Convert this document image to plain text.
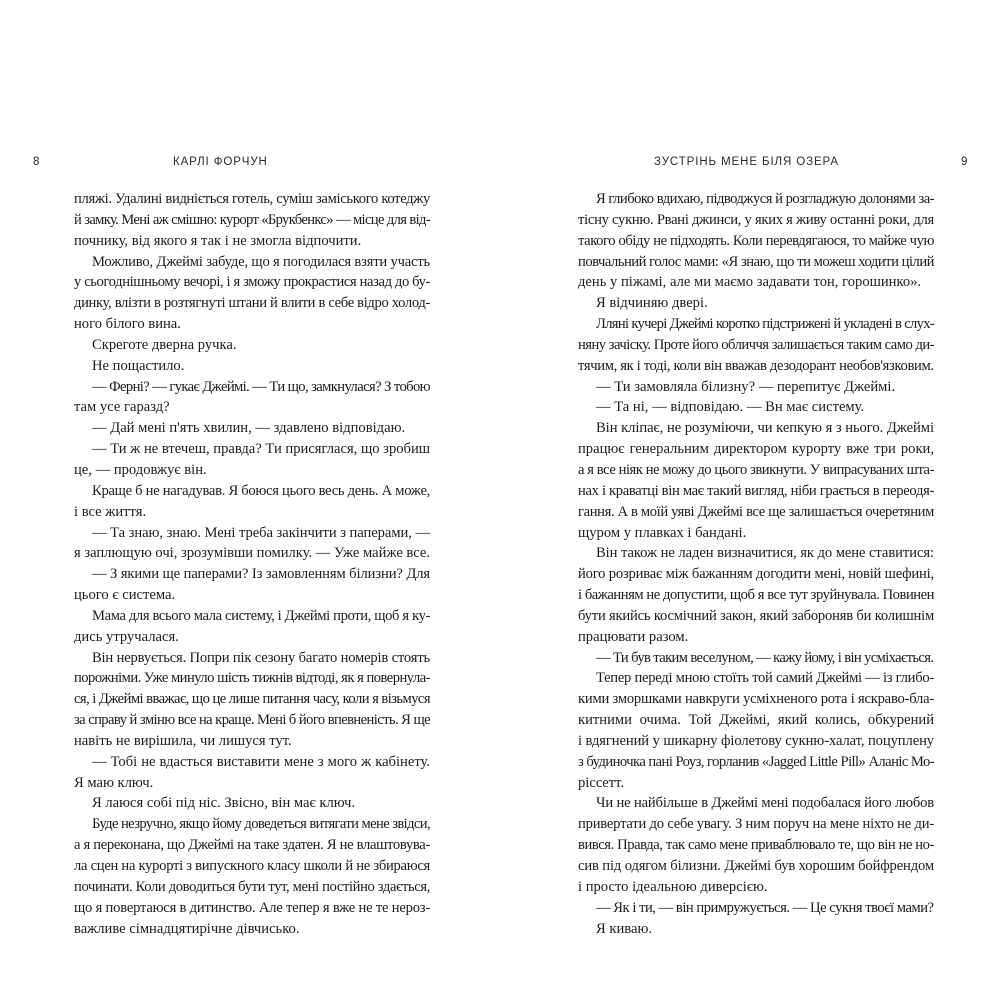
8	КАРЛІ ФОРЧУН

пляжі. Удалині видніється готель, суміш заміського котеджу
й замку. Мені аж смішно: курорт «Брукбенкс» — місце для від-
почнику, від якого я так і не змогла відпочити.

Можливо, Джеймі забуде, що я погодилася взяти участь
у сьогоднішньому вечорі, і я зможу прокрастися назад до бу-
динку, влізти в розтягнуті штани й влити в себе відро холод-
ного білого вина.

Скреготе дверна ручка.

Не пощастило.

— Ферні? — гукає Джеймі. — Ти що, замкнулася? З тобою
там усе гаразд?

— Дай мені п'ять хвилин, — здавлено відповідаю.

— Ти ж не втечеш, правда? Ти присяглася, що зробиш
це, — продовжує він.

Краще б не нагадував. Я боюся цього весь день. А може,
і все життя.

— Та знаю, знаю. Мені треба закінчити з паперами, —
я заплющую очі, зрозумівши помилку. — Уже майже все.

— З якими ще паперами? Із замовленням білизни? Для
цього є система.

Мама для всього мала систему, і Джеймі проти, щоб я ку-
дись утручалася.

Він нервується. Попри пік сезону багато номерів стоять
порожніми. Уже минуло шість тижнів відтоді, як я повернула-
ся, і Джеймі вважає, що це лише питання часу, коли я візьмуся
за справу й зміню все на краще. Мені б його впевненість. Я ще
навіть не вирішила, чи лишуся тут.

— Тобі не вдасться виставити мене з мого ж кабінету.
Я маю ключ.

Я лаюся собі під ніс. Звісно, він має ключ.

Буде незручно, якщо йому доведеться витягати мене звідси,
а я переконана, що Джеймі на таке здатен. Я не влаштовува-
ла сцен на курорті з випускного класу школи й не збираюся
починати. Коли доводиться бути тут, мені постійно здається,
що я повертаюся в дитинство. Але тепер я вже не те нероз-
важливе сімнадцятирічне дівчисько.

ЗУСТРІНЬ МЕНЕ БІЛЯ ОЗЕРА	9

Я глибоко вдихаю, підводжуся й розгладжую долонями за-
тісну сукню. Рвані джинси, у яких я живу останні роки, для
такого обіду не підходять. Коли перевдягаюся, то майже чую
повчальний голос мами: «Я знаю, що ти можеш ходити цілий
день у піжамі, але ми маємо задавати тон, горошинко».

Я відчиняю двері.

Лляні кучері Джеймі коротко підстрижені й укладені в слух-
няну зачіску. Проте його обличчя залишається таким само ди-
тячим, як і тоді, коли він вважав дезодорант необов'язковим.

— Ти замовляла білизну? — перепитує Джеймі.

— Та ні, — відповідаю. — Вн має систему.

Він кліпає, не розуміючи, чи кепкую я з нього. Джеймі
працює генеральним директором курорту вже три роки,
а я все ніяк не можу до цього звикнути. У випрасуваних шта-
нах і краватці він має такий вигляд, ніби грається в переодя-
гання. А в моїй уяві Джеймі все ще залишається очеретяним
щуром у плавках і бандані.

Він також не ладен визначитися, як до мене ставитися:
його розриває між бажанням догодити мені, новій шефині,
і бажанням не допустити, щоб я все тут зруйнувала. Повинен
бути якийсь космічний закон, який забороняв би колишнім
працювати разом.

— Ти був таким веселуном, — кажу йому, і він усміхається.

Тепер переді мною стоїть той самий Джеймі — із глибо-
кими зморшками навкруги усміхненого рота і яскраво-бла-
китними очима. Той Джеймі, який колись, обкурений
і вдягнений у шикарну фіолетову сукню-халат, поцуплену
з будиночка пані Роуз, горланив «Jagged Little Pill» Аланіс Мо-
рісcетт.

Чи не найбільше в Джеймі мені подобалася його любов
привертати до себе увагу. З ним поруч на мене ніхто не ди-
вився. Правда, так само мене приваблювало те, що він не но-
сив під одягом білизни. Джеймі був хорошим бойфрендом
і просто ідеальною диверсією.

— Як і ти, — він примружується. — Це сукня твоєї мами?

Я киваю.
